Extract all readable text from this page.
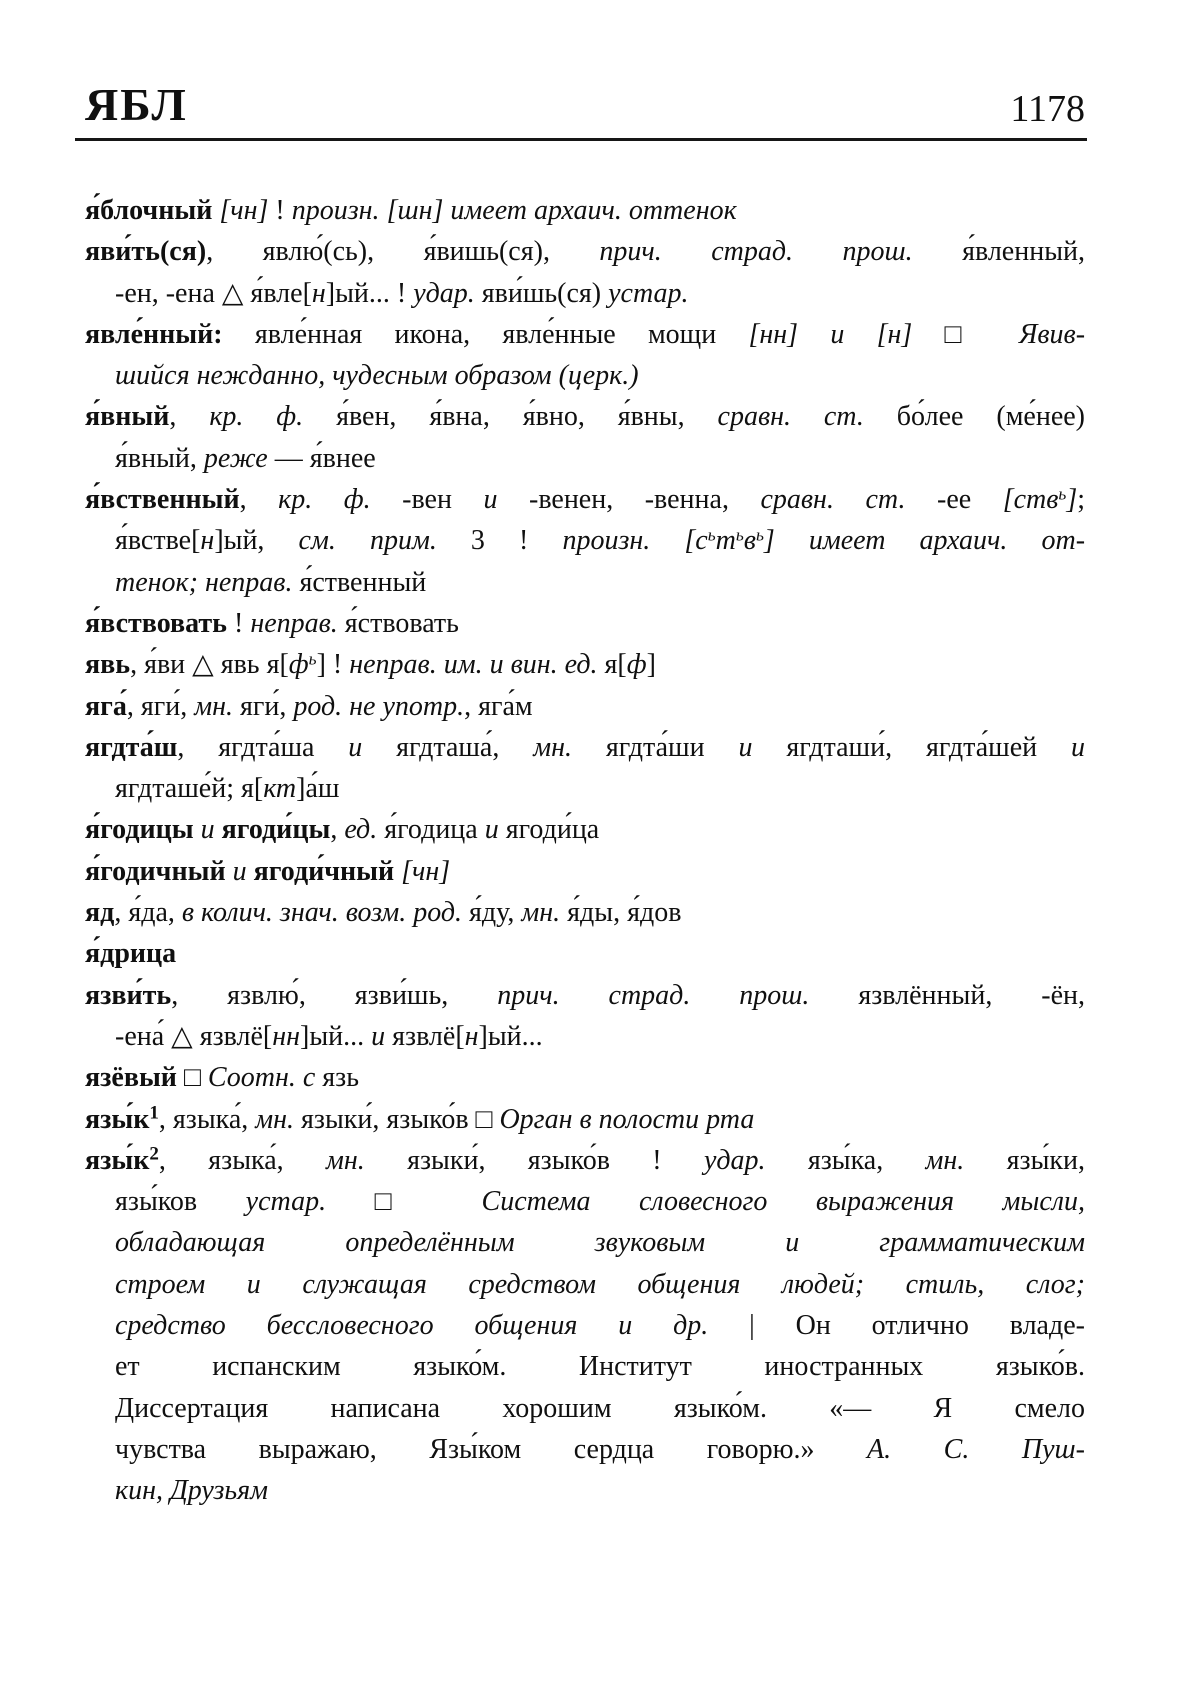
ЯБЛ	1178
я́блочный [чн] ! произн. [шн] имеет архаич. оттенок
яви́ть(ся), явлю́(сь), я́вишь(ся), прич. страд. прош. я́вленный,
-ен, -ена △ я́вле[н]ый... ! удар. яви́шь(ся) устар.
явле́нный: явле́нная икона, явле́нные мощи [нн] и [н] □ Явив-
шийся нежданно, чудесным образом (церк.)
я́вный, кр. ф. я́вен, я́вна, я́вно, я́вны, сравн. ст. бо́лее (ме́нее)
я́вный, реже — я́внее
я́вственный, кр. ф. -вен и -венен, -венна, сравн. ст. -ее [ств$^ь$];
я́встве[н]ый, см. прим. 3 ! произн. $[с^ьт^ьв^ь]$ имеет архаич. от-
тенок; неправ. я́ственный
я́вствовать ! неправ. я́ствовать
явь, я́ви △ явь $я[ф^ь]$ ! неправ. им. и вин. ед. я[ф]
яга́, яги́, мн. яги́, род. не употр., яга́м
ягдта́ш, ягдта́ша и ягдташа́, мн. ягдта́ши и ягдташи́, ягдта́шей и
ягдташе́й; я[кт]а́ш
я́годицы и ягоди́цы, ед. я́годица и ягоди́ца
я́годичный и ягоди́чный [чн]
яд, я́да, в колич. знач. возм. род. я́ду, мн. я́ды, я́дов
я́дрица
язви́ть, язвлю́, язви́шь, прич. страд. прош. язвлённый, -ён,
-ена́ △ язвлё[нн]ый... и язвлё[н]ый...
язёвый □ Соотн. с язь
$язы́к^1$, языка́, мн. языки́, языко́в □ Орган в полости рта
$язы́к^2$, языка́, мн. языки́, языко́в ! удар. язы́ка, мн. язы́ки,
язы́ков устар. □ Система словесного выражения мысли,
обладающая определённым звуковым и грамматическим
строем и служащая средством общения людей; стиль, слог;
средство бессловесного общения и др. | Он отлично владе-
ет испанским языко́м. Институт иностранных языко́в.
Диссертация написана хорошим языко́м. «— Я смело
чувства выражаю, Язы́ком сердца говорю.» А. С. Пуш-
кин, Друзьям
